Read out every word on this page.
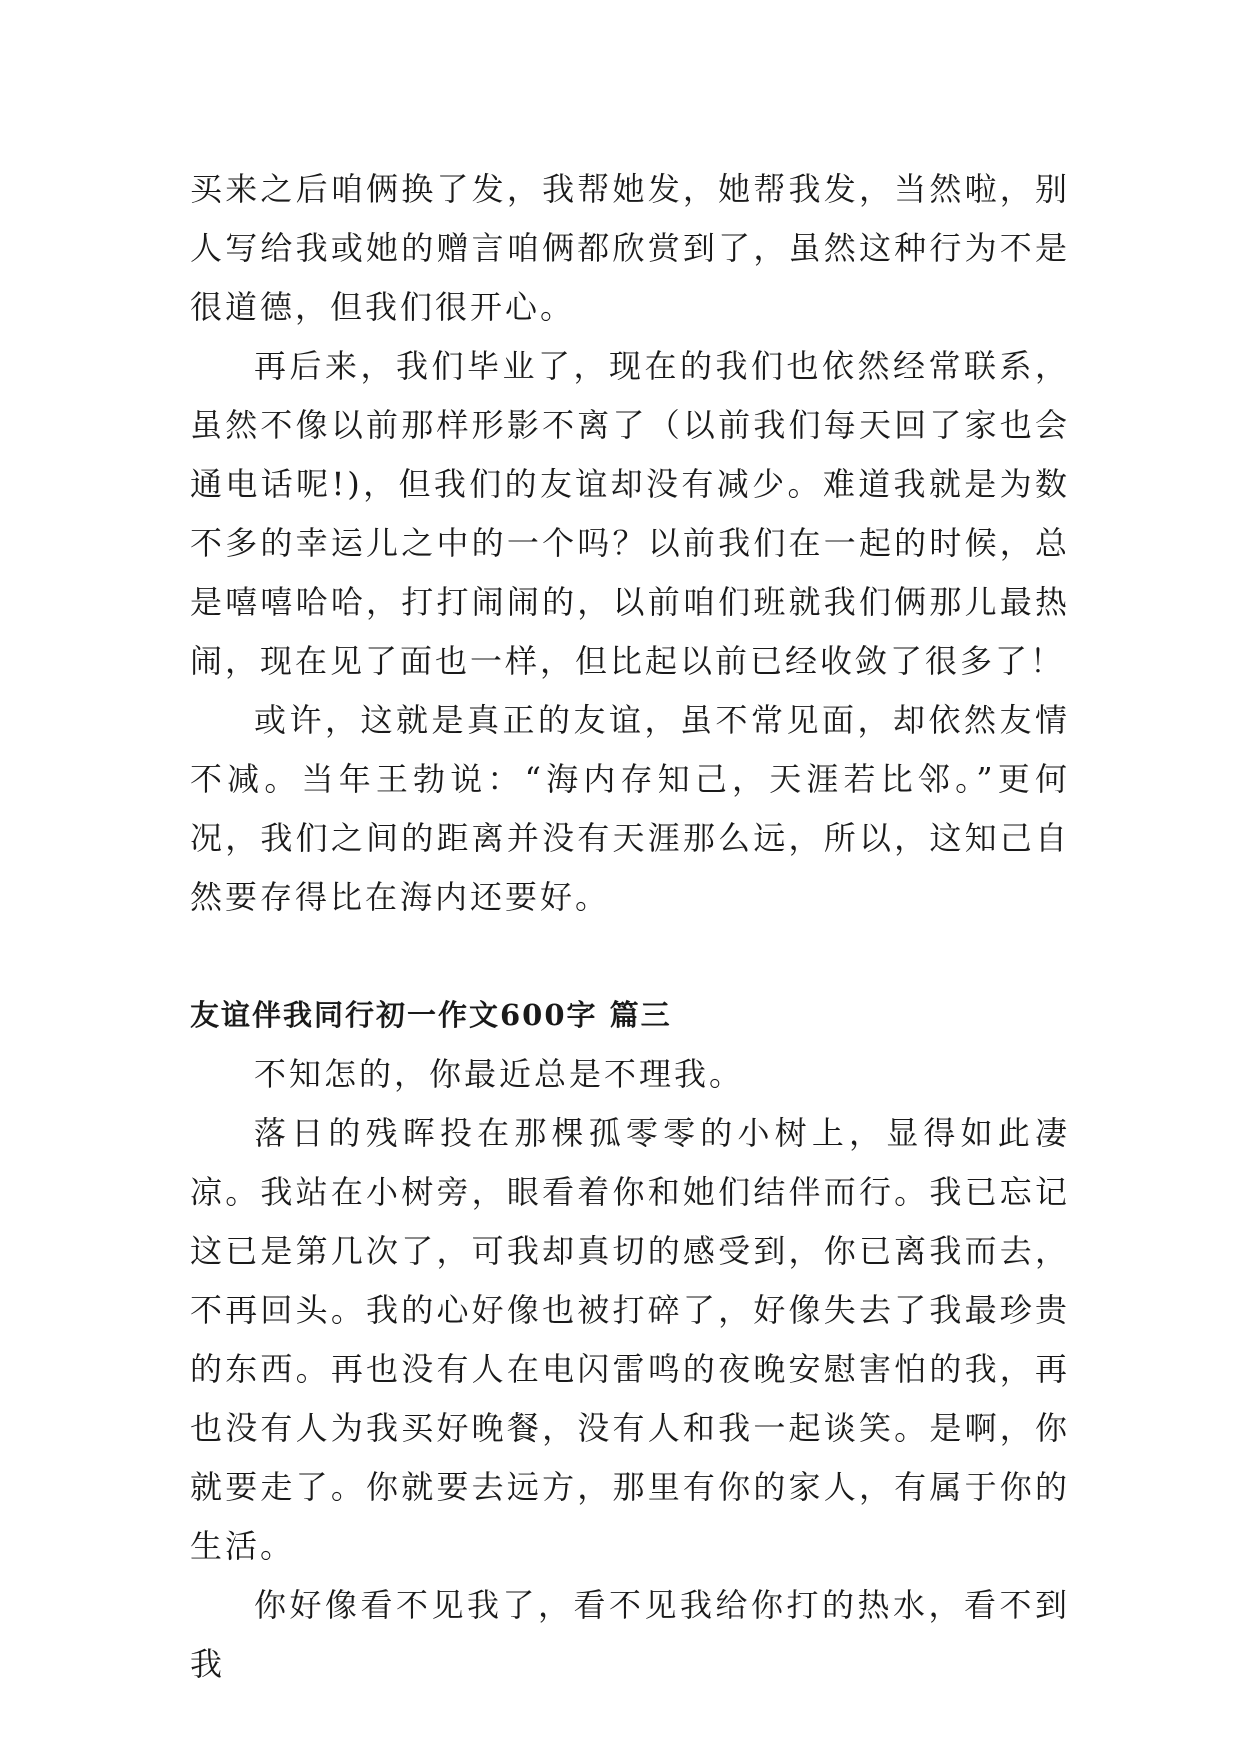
买来之后咱俩换了发，我帮她发，她帮我发，当然啦，别人写给我或她的赠言咱俩都欣赏到了，虽然这种行为不是很道德，但我们很开心。

再后来，我们毕业了，现在的我们也依然经常联系，虽然不像以前那样形影不离了（以前我们每天回了家也会通电话呢!)，但我们的友谊却没有减少。难道我就是为数不多的幸运儿之中的一个吗？以前我们在一起的时候，总是嘻嘻哈哈，打打闹闹的，以前咱们班就我们俩那儿最热闹，现在见了面也一样，但比起以前已经收敛了很多了！

或许，这就是真正的友谊，虽不常见面，却依然友情不减。当年王勃说：“海内存知己，天涯若比邻。”更何况，我们之间的距离并没有天涯那么远，所以，这知己自然要存得比在海内还要好。

友谊伴我同行初一作文600字 篇三

不知怎的，你最近总是不理我。

落日的残晖投在那棵孤零零的小树上，显得如此凄凉。我站在小树旁，眼看着你和她们结伴而行。我已忘记这已是第几次了，可我却真切的感受到，你已离我而去，不再回头。我的心好像也被打碎了，好像失去了我最珍贵的东西。再也没有人在电闪雷鸣的夜晚安慰害怕的我，再也没有人为我买好晚餐，没有人和我一起谈笑。是啊，你就要走了。你就要去远方，那里有你的家人，有属于你的生活。

你好像看不见我了，看不见我给你打的热水，看不到我
